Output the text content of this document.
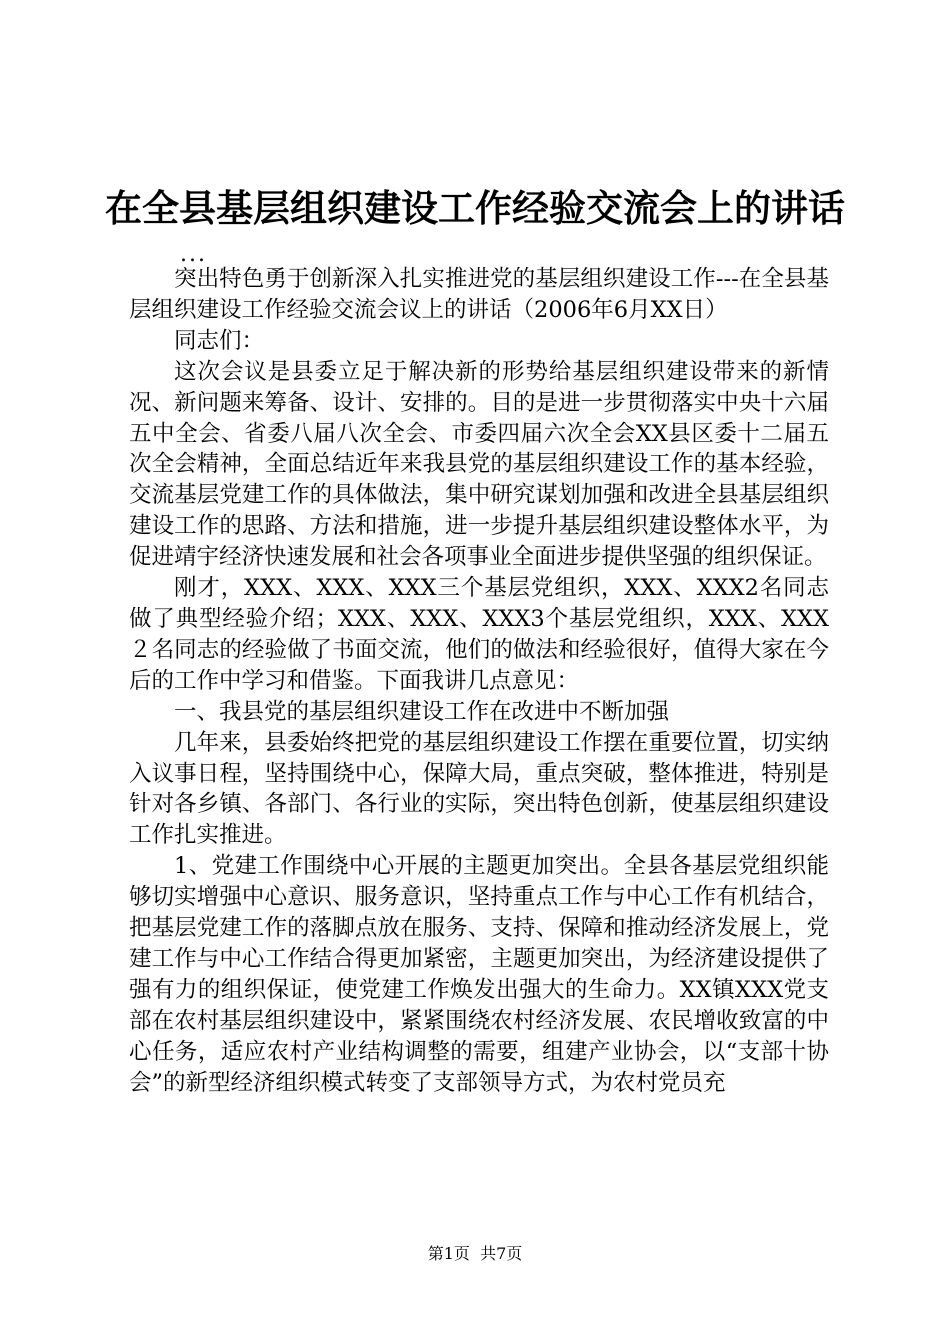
在全县基层组织建设工作经验交流会上的讲话
...

突出特色勇于创新深入扎实推进党的基层组织建设工作---在全县基层组织建设工作经验交流会议上的讲话（2006年6月XX日）

同志们：

这次会议是县委立足于解决新的形势给基层组织建设带来的新情况、新问题来筹备、设计、安排的。目的是进一步贯彻落实中央十六届五中全会、省委八届八次全会、市委四届六次全会XX县区委十二届五次全会精神，全面总结近年来我县党的基层组织建设工作的基本经验，交流基层党建工作的具体做法，集中研究谋划加强和改进全县基层组织建设工作的思路、方法和措施，进一步提升基层组织建设整体水平，为促进靖宇经济快速发展和社会各项事业全面进步提供坚强的组织保证。

刚才，XXX、XXX、XXX三个基层党组织，XXX、XXX2名同志做了典型经验介绍；XXX、XXX、XXX3个基层党组织，XXX、XXX２名同志的经验做了书面交流，他们的做法和经验很好，值得大家在今后的工作中学习和借鉴。下面我讲几点意见：

一、我县党的基层组织建设工作在改进中不断加强

几年来，县委始终把党的基层组织建设工作摆在重要位置，切实纳入议事日程，坚持围绕中心，保障大局，重点突破，整体推进，特别是针对各乡镇、各部门、各行业的实际，突出特色创新，使基层组织建设工作扎实推进。

1、党建工作围绕中心开展的主题更加突出。全县各基层党组织能够切实增强中心意识、服务意识，坚持重点工作与中心工作有机结合，把基层党建工作的落脚点放在服务、支持、保障和推动经济发展上，党建工作与中心工作结合得更加紧密，主题更加突出，为经济建设提供了强有力的组织保证，使党建工作焕发出强大的生命力。XX镇XXX党支部在农村基层组织建设中，紧紧围绕农村经济发展、农民增收致富的中心任务，适应农村产业结构调整的需要，组建产业协会，以“支部十协会”的新型经济组织模式转变了支部领导方式，为农村党员充

第1页  共7页
